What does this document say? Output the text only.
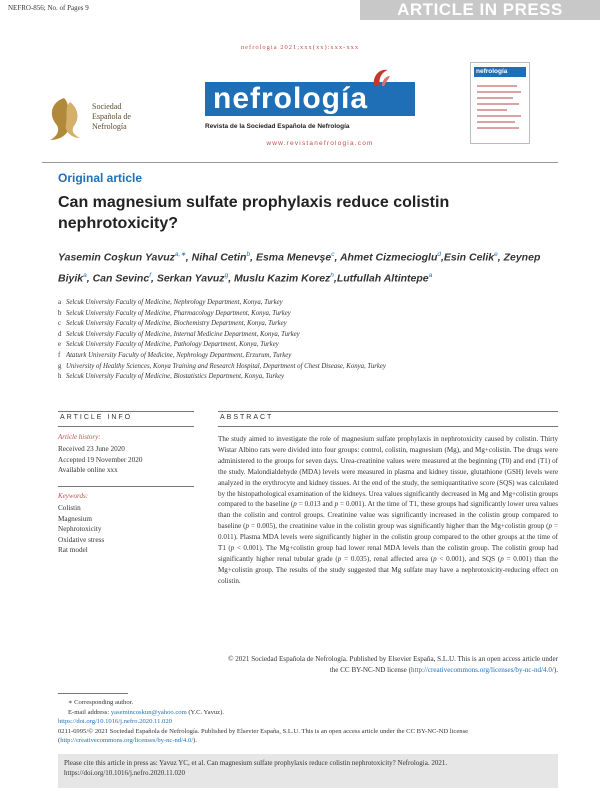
NEFRO-856; No. of Pages 9	ARTICLE IN PRESS
nefrologia 2021;xxx(xx):xxx-xxx
Sociedad
Española de
Nefrología
nefrología
Revista de la Sociedad Española de Nefrología
www.revistanefrologia.com
nefrología
Original article
Can magnesium sulfate prophylaxis reduce colistin nephrotoxicity?
Yasemin Coşkun Yavuz$^{a,∗}$, Nihal Cetin$^b$, Esma Menevşe$^c$, Ahmet Cizmecioglu$^d$,Esin Celik$^e$, Zeynep Biyik$^a$, Can Sevinc$^f$, Serkan Yavuz$^g$, Muslu Kazim Korez$^h$,Lutfullah Altintepe$^a$
a Selcuk University Faculty of Medicine, Nephrology Department, Konya, Turkey
b Selcuk University Faculty of Medicine, Pharmacology Department, Konya, Turkey
c Selcuk University Faculty of Medicine, Biochemistry Department, Konya, Turkey
d Selcuk University Faculty of Medicine, Internal Medicine Department, Konya, Turkey
e Selcuk University Faculty of Medicine, Pathology Department, Konya, Turkey
f Ataturk University Faculty of Medicine, Nephrology Department, Erzurum, Turkey
g University of Healthy Sciences, Konya Training and Research Hospital, Department of Chest Disease, Konya, Turkey
h Selcuk University Faculty of Medicine, Biostatistics Department, Konya, Turkey
ARTICLE INFO
Article history:
Received 23 June 2020
Accepted 19 November 2020
Available online xxx
Keywords:
Colistin
Magnesium
Nephrotoxicity
Oxidative stress
Rat model
ABSTRACT
The study aimed to investigate the role of magnesium sulfate prophylaxis in nephrotoxicity caused by colistin. Thirty Wistar Albino rats were divided into four groups: control, colistin, magnesium (Mg), and Mg+colistin. The drugs were administered to the groups for seven days. Urea-creatinine values were measured at the beginning (T0) and end (T1) of the study. Malondialdehyde (MDA) levels were measured in plasma and kidney tissue, glutathione (GSH) levels were analyzed in the erythrocyte and kidney tissues. At the end of the study, the semiquantitative score (SQS) was calculated by the histopathological examination of the kidneys. Urea values significantly decreased in Mg and Mg+colistin groups compared to the baseline (p = 0.013 and p = 0.001). At the time of T1, these groups had significantly lower urea values than the colistin and control groups. Creatinine value was significantly increased in the colistin group compared to baseline (p = 0.005), the creatinine value in the colistin group was significantly higher than the Mg+colistin group (p = 0.011). Plasma MDA levels were significantly higher in the colistin group compared to the other groups at the time of T1 (p < 0.001). The Mg+colistin group had lower renal MDA levels than the colistin group. The colistin group had significantly higher renal tubular grade (p = 0.035), renal affected area (p < 0.001), and SQS (p = 0.001) than the Mg+colistin group. The results of the study suggested that Mg sulfate may have a nephrotoxicity-reducing effect on colistin.
© 2021 Sociedad Española de Nefrología. Published by Elsevier España, S.L.U. This is an open access article under the CC BY-NC-ND license (http://creativecommons.org/licenses/by-nc-nd/4.0/).
∗ Corresponding author.
E-mail address: yasemincoskun@yahoo.com (Y.C. Yavuz).
https://doi.org/10.1016/j.nefro.2020.11.020
0211-6995/© 2021 Sociedad Española de Nefrología. Published by Elsevier España, S.L.U. This is an open access article under the CC BY-NC-ND license (http://creativecommons.org/licenses/by-nc-nd/4.0/).
Please cite this article in press as: Yavuz YC, et al. Can magnesium sulfate prophylaxis reduce colistin nephrotoxicity? Nefrologia. 2021. https://doi.org/10.1016/j.nefro.2020.11.020
